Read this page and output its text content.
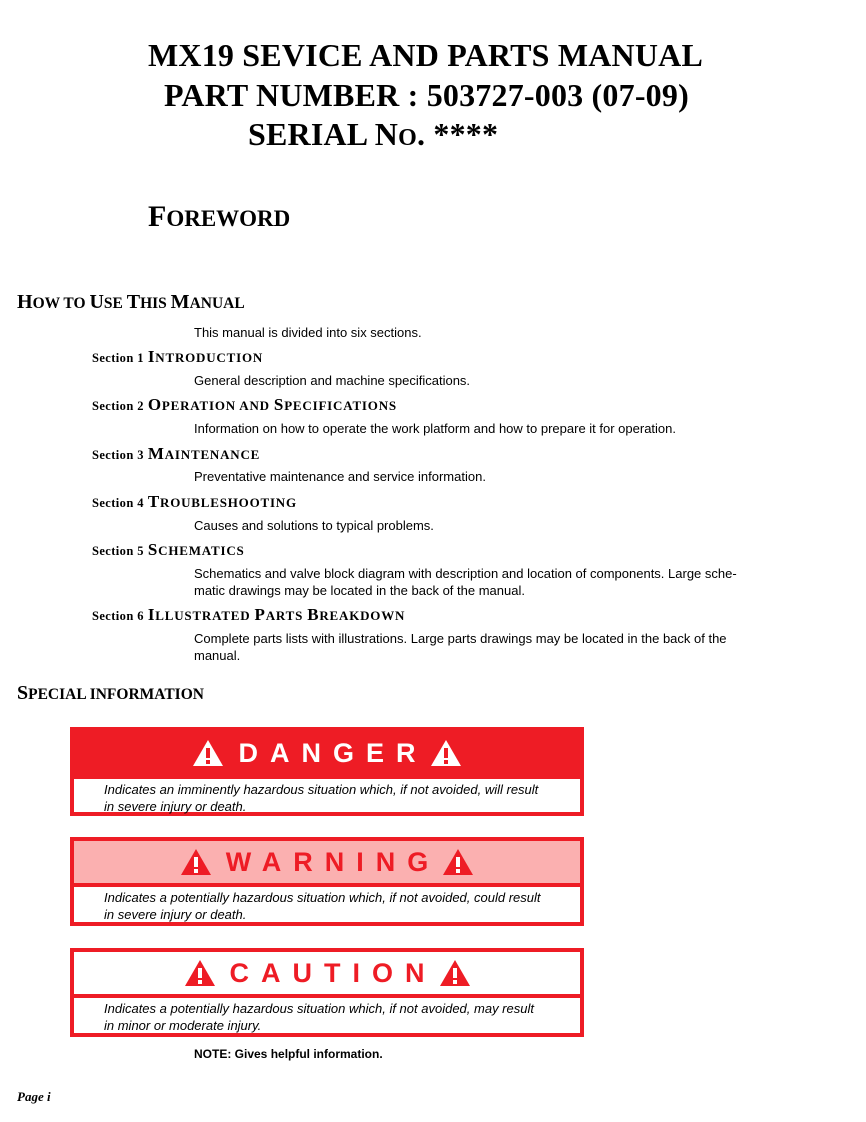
MX19 SEVICE AND PARTS MANUAL
PART NUMBER : 503727-003 (07-09)
SERIAL NO. ****
FOREWORD
HOW TO USE THIS MANUAL
This manual is divided into six sections.
Section 1 INTRODUCTION
General description and machine specifications.
Section 2 OPERATION AND SPECIFICATIONS
Information on how to operate the work platform and how to prepare it for operation.
Section 3 MAINTENANCE
Preventative maintenance and service information.
Section 4 TROUBLESHOOTING
Causes and solutions to typical problems.
Section 5 SCHEMATICS
Schematics and valve block diagram with description and location of components. Large sche-
matic drawings may be located in the back of the manual.
Section 6 ILLUSTRATED PARTS BREAKDOWN
Complete parts lists with illustrations. Large parts drawings may be located in the back of the
manual.
SPECIAL INFORMATION
DANGER
Indicates an imminently hazardous situation which, if not avoided, will result
in severe injury or death.
WARNING
Indicates a potentially hazardous situation which, if not avoided, could result
in severe injury or death.
CAUTION
Indicates a potentially hazardous situation which, if not avoided, may result
in minor or moderate injury.
NOTE: Gives helpful information.
Page i
